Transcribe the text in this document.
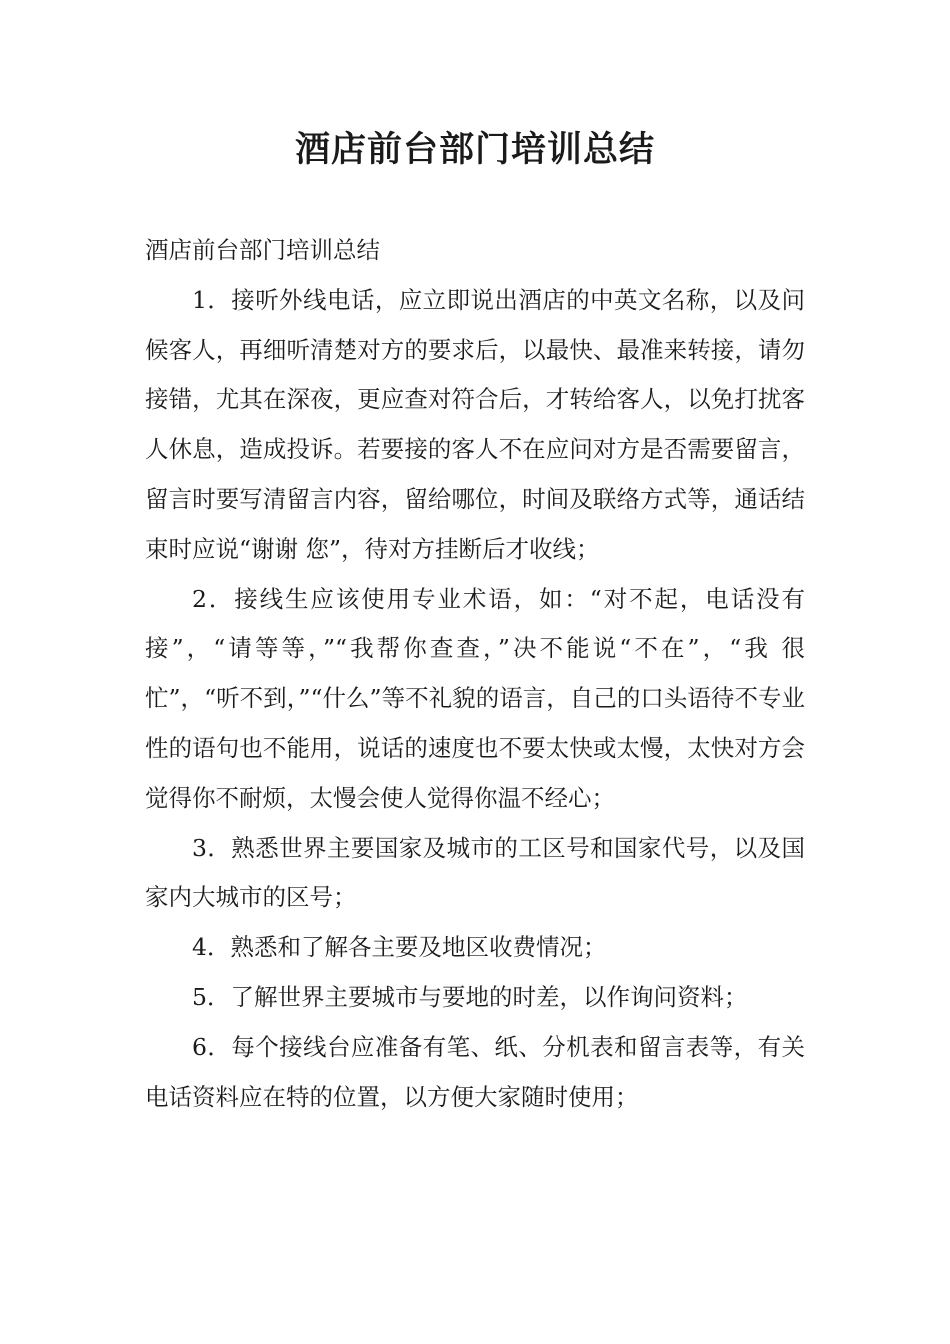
酒店前台部门培训总结

酒店前台部门培训总结

1．接听外线电话，应立即说出酒店的中英文名称，以及问候客人，再细听清楚对方的要求后，以最快、最准来转接，请勿接错，尤其在深夜，更应查对符合后，才转给客人，以免打扰客人休息，造成投诉。若要接的客人不在应问对方是否需要留言，留言时要写清留言内容，留给哪位，时间及联络方式等，通话结束时应说“谢谢 您”，待对方挂断后才收线；

2．接线生应该使用专业术语，如：“对不起，电话没有接”，“请等等，”“我帮你查查，”决不能说“不在”，“我 很忙”，“听不到，”“什么”等不礼貌的语言，自己的口头语待不专业性的语句也不能用，说话的速度也不要太快或太慢，太快对方会觉得你不耐烦，太慢会使人觉得你温不经心；

3．熟悉世界主要国家及城市的工区号和国家代号，以及国家内大城市的区号；

4．熟悉和了解各主要及地区收费情况；

5．了解世界主要城市与要地的时差，以作询问资料；

6．每个接线台应准备有笔、纸、分机表和留言表等，有关电话资料应在特的位置，以方便大家随时使用；
